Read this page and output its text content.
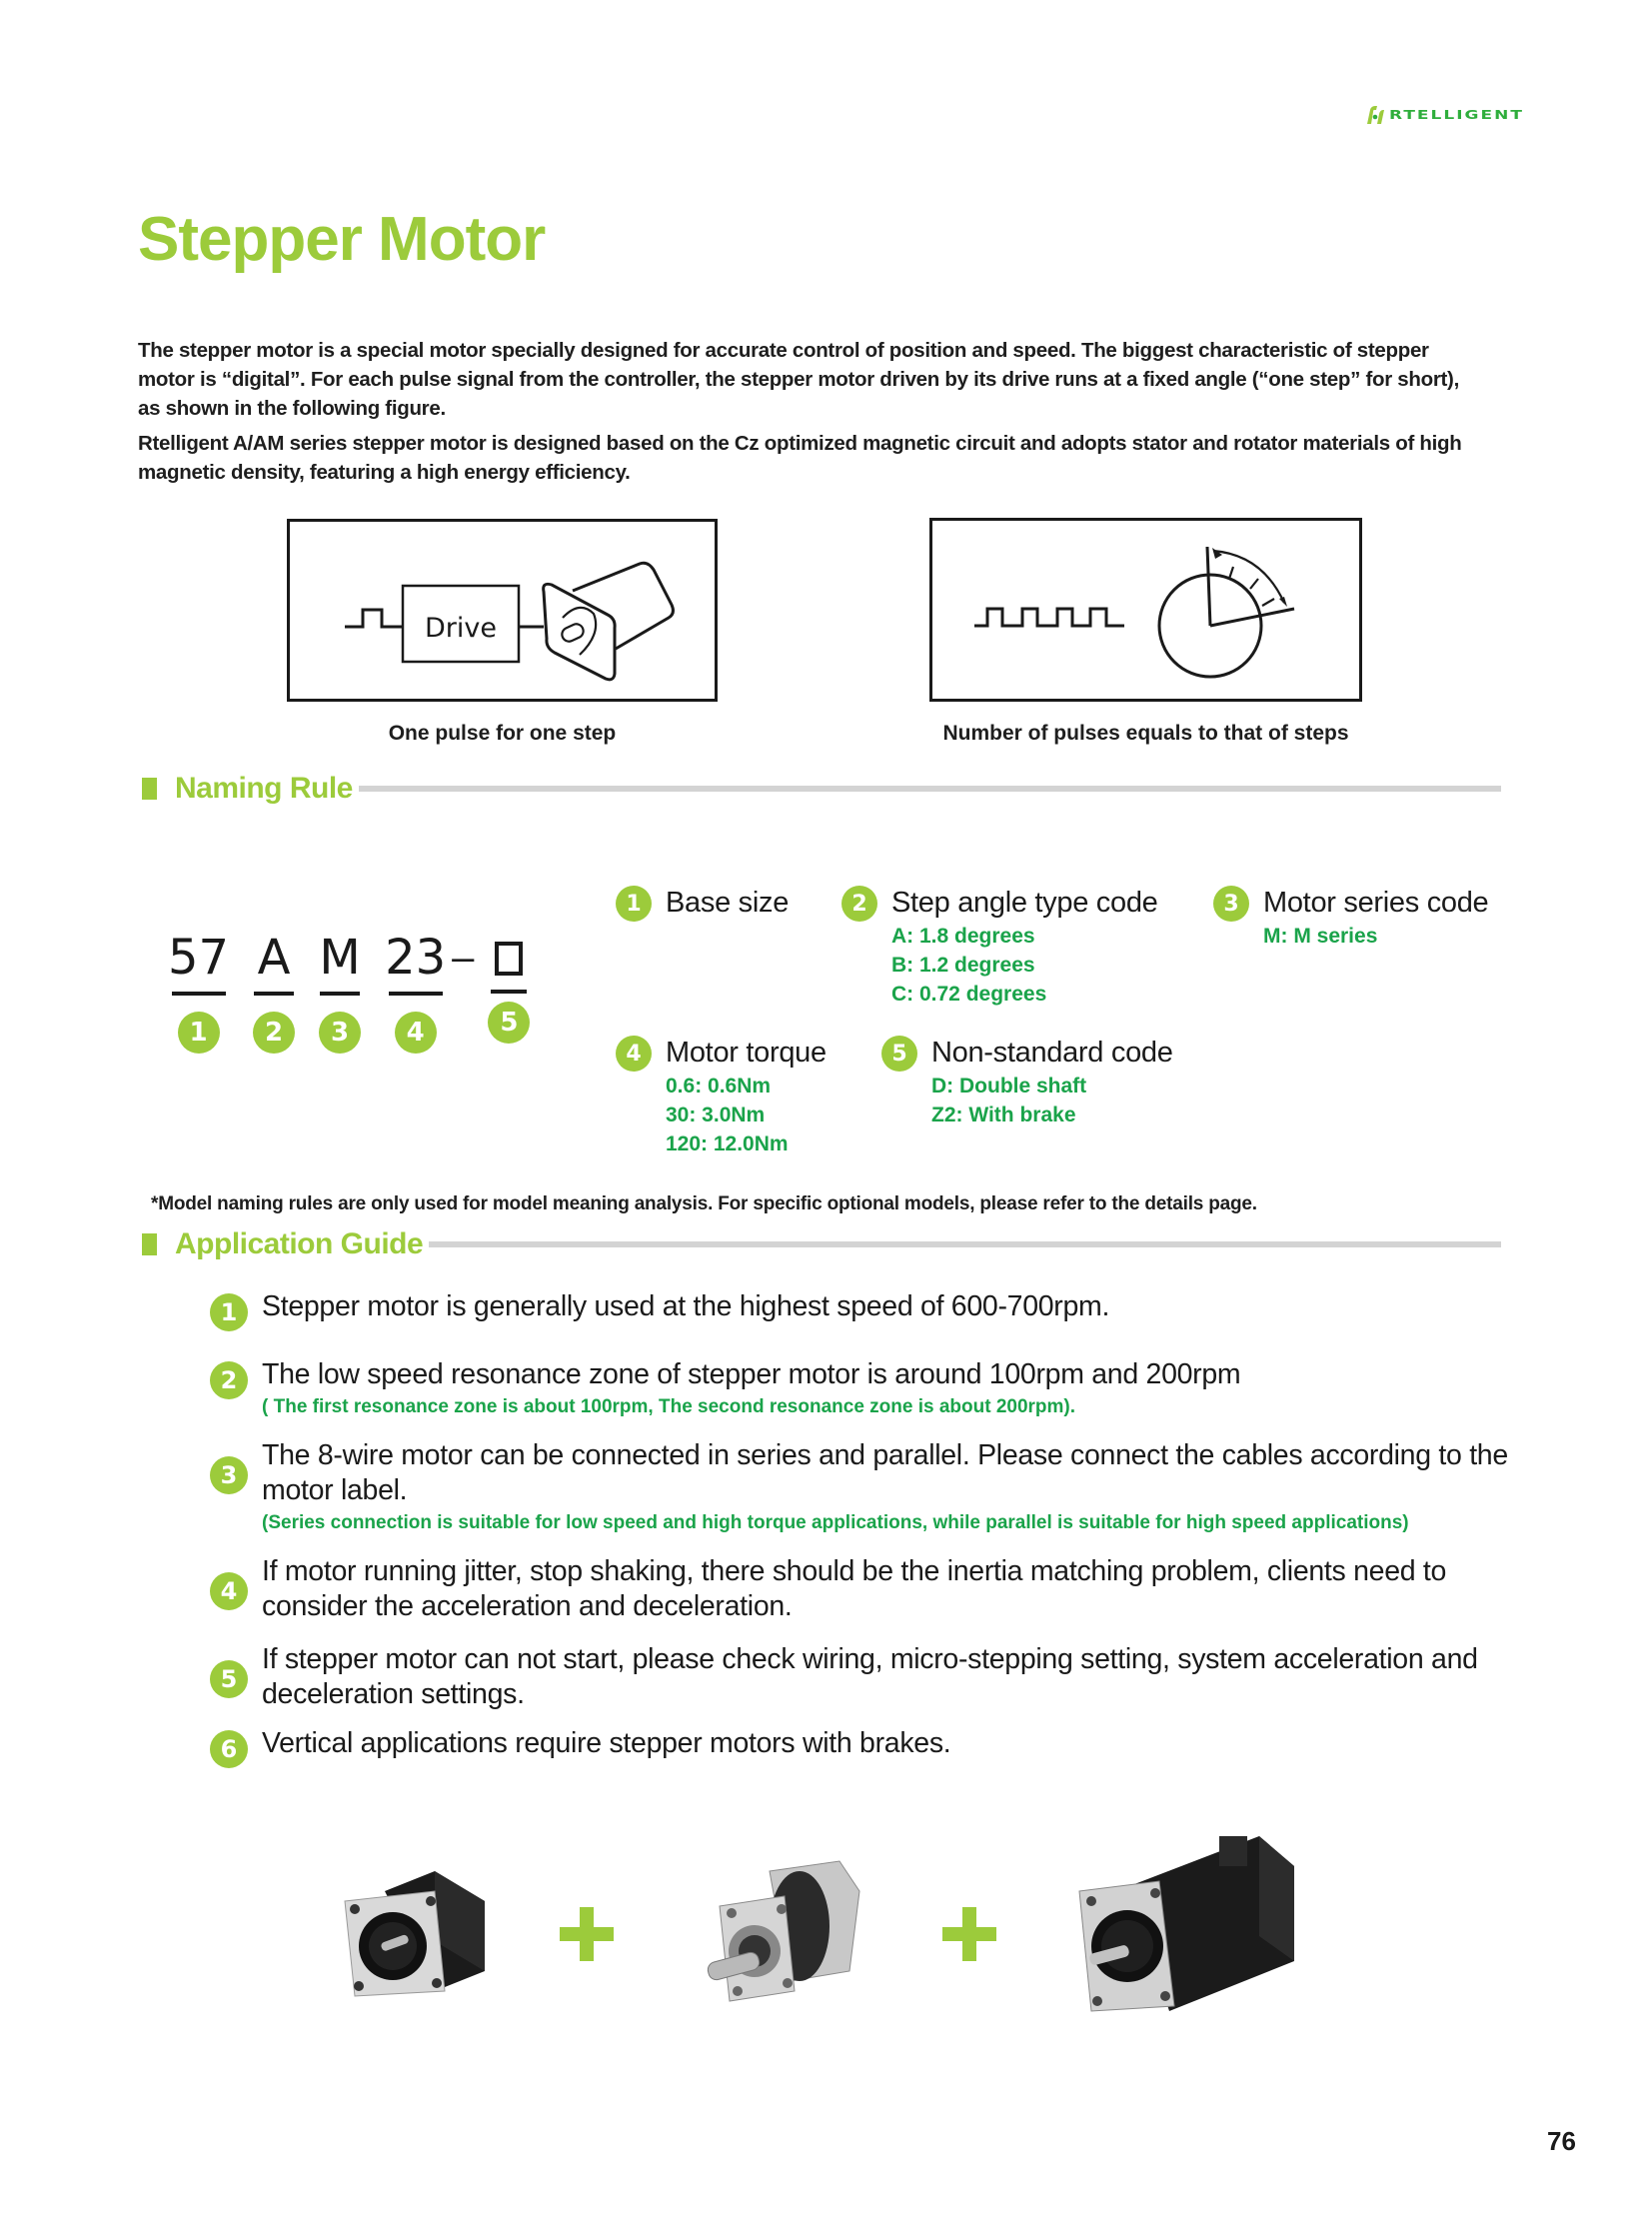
RTELLIGENT
Stepper Motor

The stepper motor is a special motor specially designed for accurate control of position and speed. The biggest characteristic of stepper motor is “digital”. For each pulse signal from the controller, the stepper motor driven by its drive runs at a fixed angle (“one step” for short), as shown in the following figure.

Rtelligent A/AM series stepper motor is designed based on the Cz optimized magnetic circuit and adopts stator and rotator materials of high magnetic density, featuring a high energy efficiency.

Drive
One pulse for one step	Number of pulses equals to that of steps
Naming Rule
57
1
A
2
M
3
23
4
–
5
1 Base size	2 Step angle type code
A: 1.8 degrees
B: 1.2 degrees
C: 0.72 degrees
3 Motor series code
M: M series
4 Motor torque
0.6: 0.6Nm
30: 3.0Nm
120: 12.0Nm
5 Non-standard code
D: Double shaft
Z2: With brake
*Model naming rules are only used for model meaning analysis. For specific optional models, please refer to the details page.
Application Guide
1 Stepper motor is generally used at the highest speed of 600-700rpm.
2 The low speed resonance zone of stepper motor is around 100rpm and 200rpm
( The first resonance zone is about 100rpm, The second resonance zone is about 200rpm).
3
The 8-wire motor can be connected in series and parallel. Please connect the cables according to the motor label.
(Series connection is suitable for low speed and high torque applications, while parallel is suitable for high speed applications)
4
If motor running jitter, stop shaking, there should be the inertia matching problem, clients need to consider the acceleration and deceleration.
5
If stepper motor can not start, please check wiring, micro-stepping setting, system acceleration and deceleration settings.
6 Vertical applications require stepper motors with brakes.
76
